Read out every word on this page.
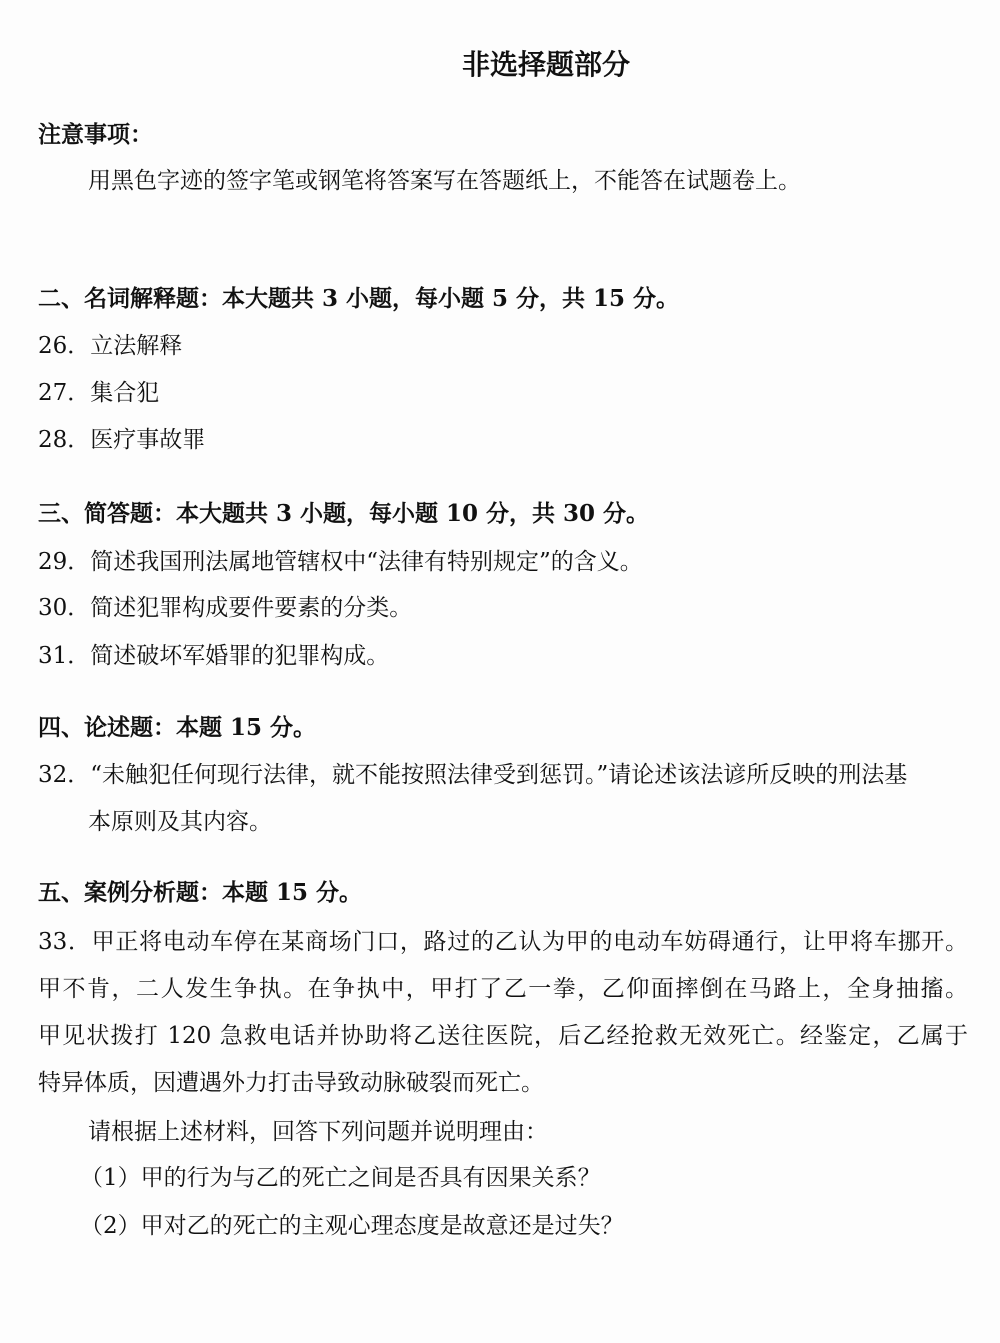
非选择题部分
注意事项：
用黑色字迹的签字笔或钢笔将答案写在答题纸上，不能答在试题卷上。
二、名词解释题：本大题共 3 小题，每小题 5 分，共 15 分。
26．立法解释
27．集合犯
28．医疗事故罪
三、简答题：本大题共 3 小题，每小题 10 分，共 30 分。
29．简述我国刑法属地管辖权中“法律有特别规定”的含义。
30．简述犯罪构成要件要素的分类。
31．简述破坏军婚罪的犯罪构成。
四、论述题：本题 15 分。
32．“未触犯任何现行法律，就不能按照法律受到惩罚。”请论述该法谚所反映的刑法基
本原则及其内容。
五、案例分析题：本题 15 分。
33．甲正将电动车停在某商场门口，路过的乙认为甲的电动车妨碍通行，让甲将车挪开。
甲不肯，二人发生争执。在争执中，甲打了乙一拳，乙仰面摔倒在马路上，全身抽搐。
甲见状拨打 120 急救电话并协助将乙送往医院，后乙经抢救无效死亡。经鉴定，乙属于
特异体质，因遭遇外力打击导致动脉破裂而死亡。
请根据上述材料，回答下列问题并说明理由：
（1）甲的行为与乙的死亡之间是否具有因果关系？
（2）甲对乙的死亡的主观心理态度是故意还是过失？
